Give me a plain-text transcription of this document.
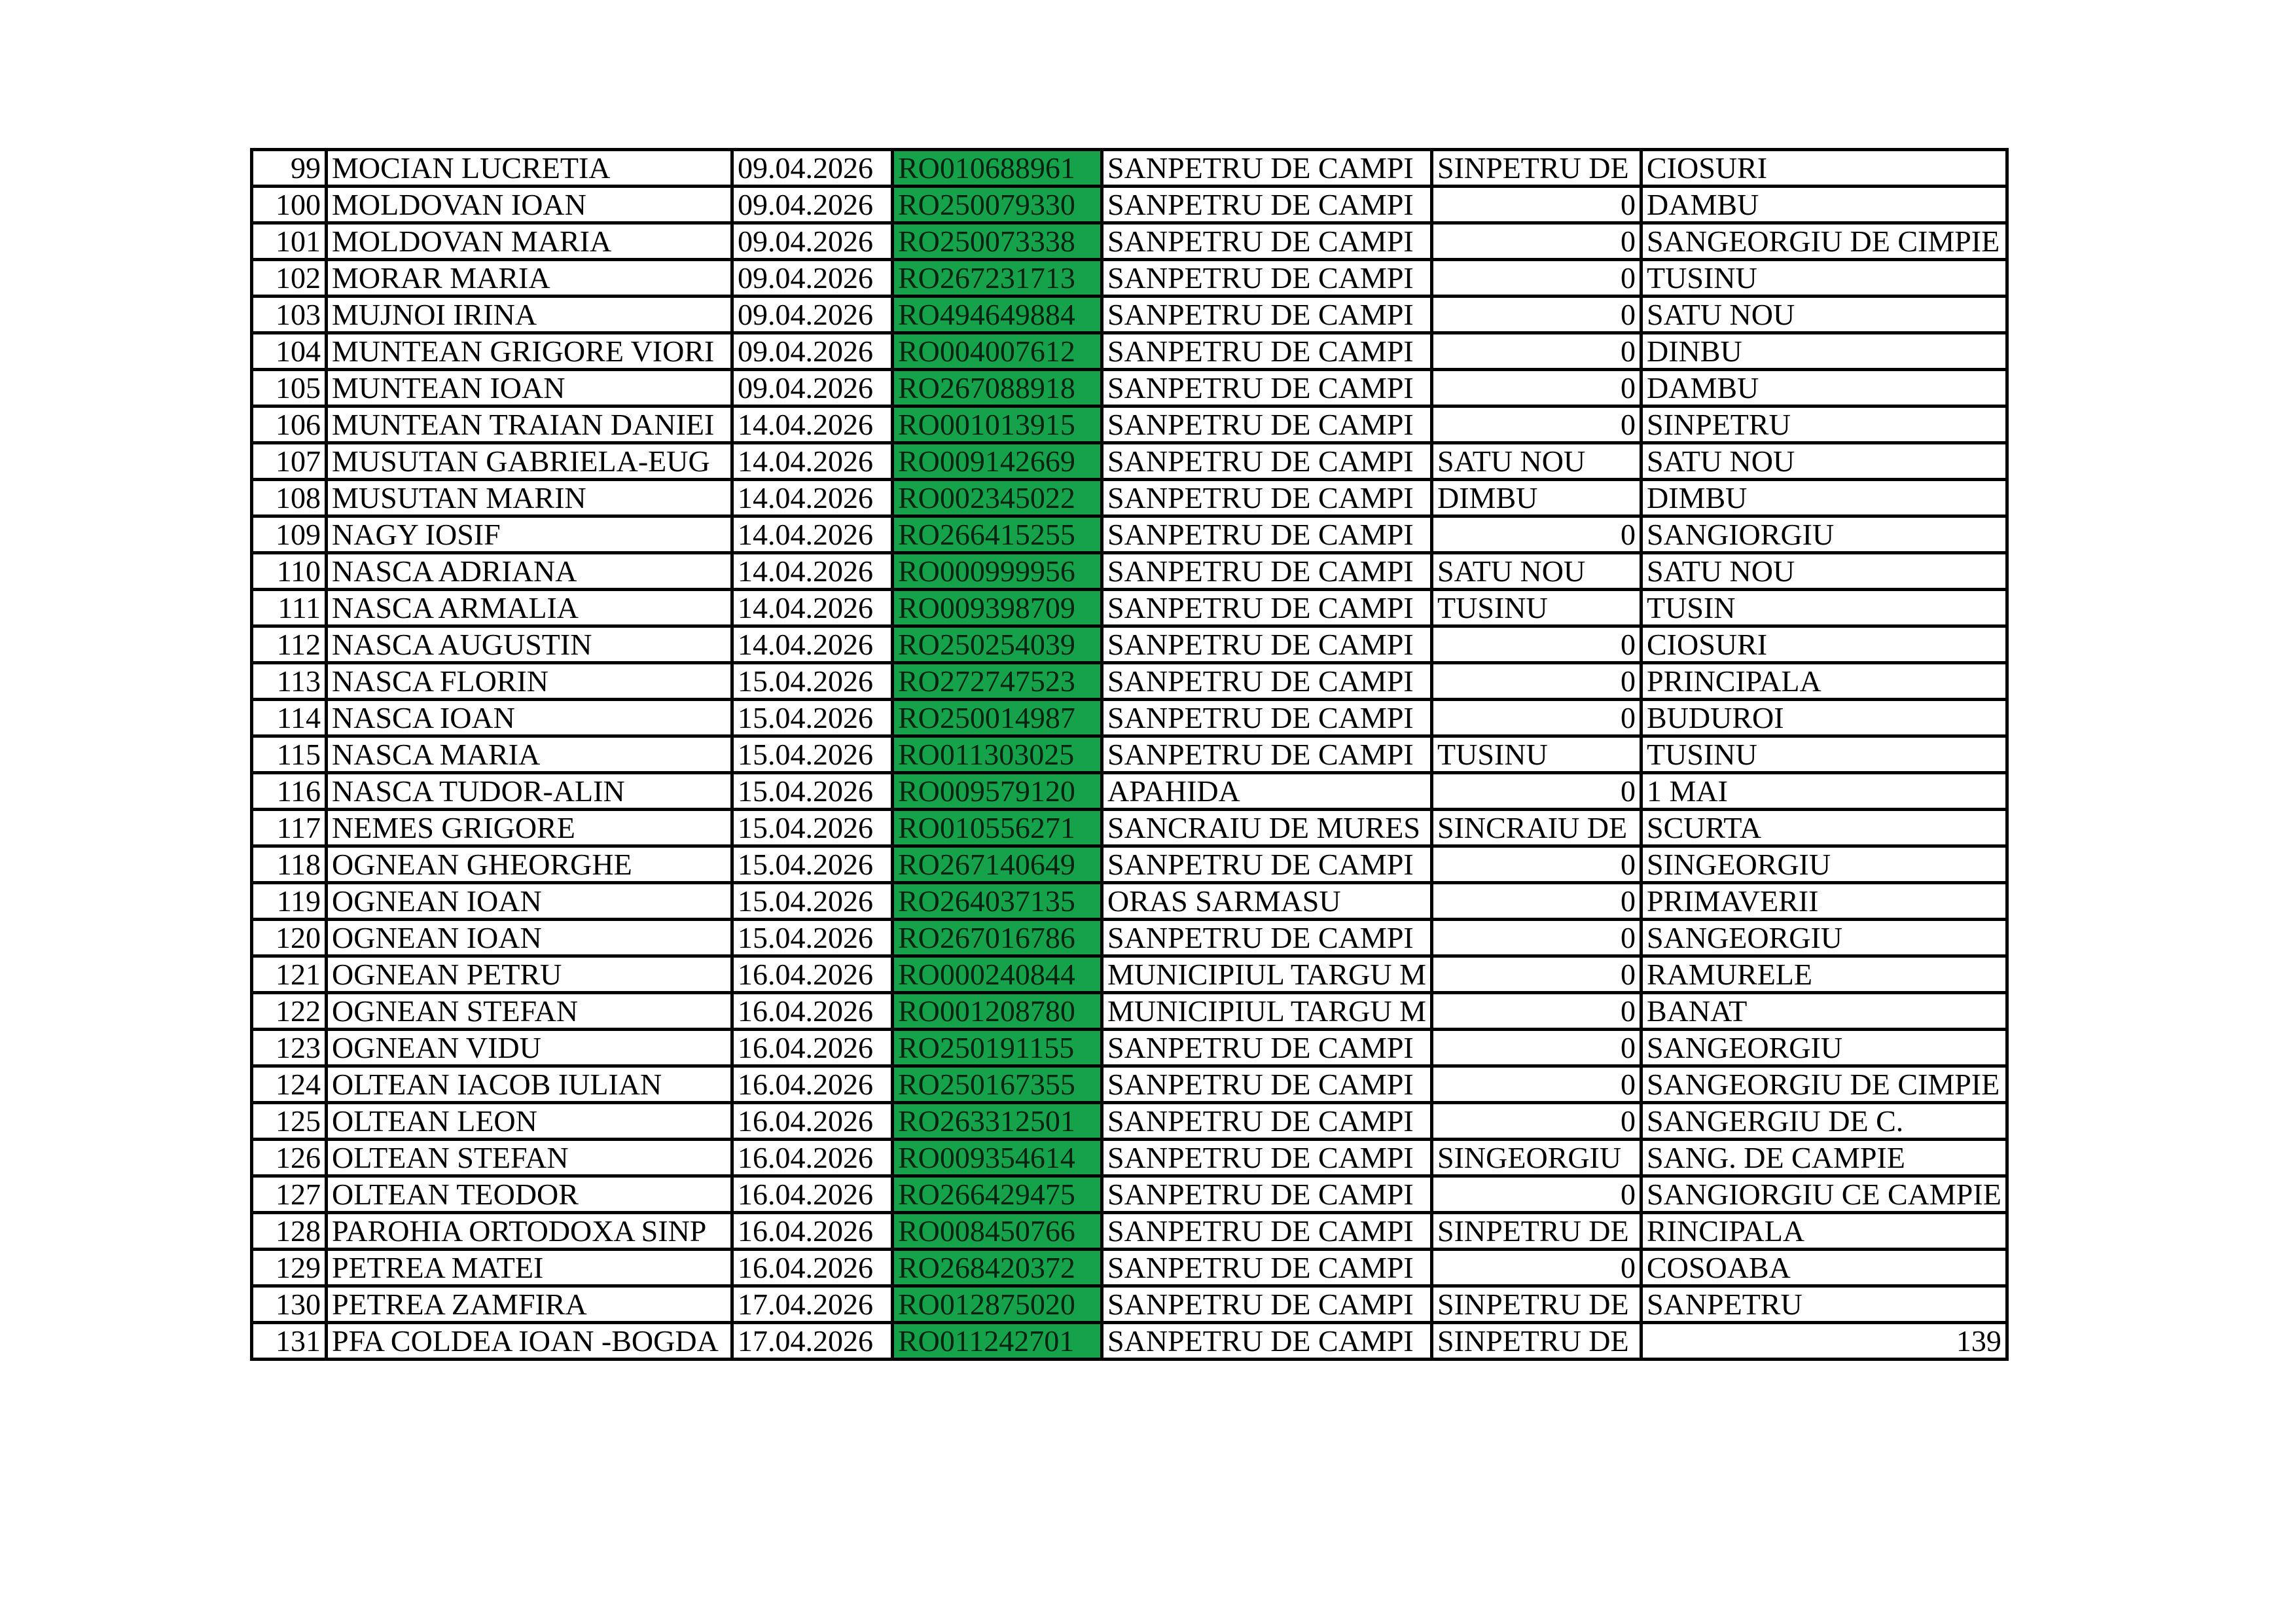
99	MOCIAN LUCRETIA	09.04.2026	RO010688961	SANPETRU DE CAMPI	SINPETRU DE	CIOSURI
100	MOLDOVAN IOAN	09.04.2026	RO250079330	SANPETRU DE CAMPI	0	DAMBU
101	MOLDOVAN MARIA	09.04.2026	RO250073338	SANPETRU DE CAMPI	0	SANGEORGIU DE CIMPIE
102	MORAR MARIA	09.04.2026	RO267231713	SANPETRU DE CAMPI	0	TUSINU
103	MUJNOI IRINA	09.04.2026	RO494649884	SANPETRU DE CAMPI	0	SATU NOU
104	MUNTEAN GRIGORE VIORI	09.04.2026	RO004007612	SANPETRU DE CAMPI	0	DINBU
105	MUNTEAN IOAN	09.04.2026	RO267088918	SANPETRU DE CAMPI	0	DAMBU
106	MUNTEAN TRAIAN DANIEI	14.04.2026	RO001013915	SANPETRU DE CAMPI	0	SINPETRU
107	MUSUTAN GABRIELA-EUG	14.04.2026	RO009142669	SANPETRU DE CAMPI	SATU NOU	SATU NOU
108	MUSUTAN MARIN	14.04.2026	RO002345022	SANPETRU DE CAMPI	DIMBU	DIMBU
109	NAGY IOSIF	14.04.2026	RO266415255	SANPETRU DE CAMPI	0	SANGIORGIU
110	NASCA ADRIANA	14.04.2026	RO000999956	SANPETRU DE CAMPI	SATU NOU	SATU NOU
111	NASCA ARMALIA	14.04.2026	RO009398709	SANPETRU DE CAMPI	TUSINU	TUSIN
112	NASCA AUGUSTIN	14.04.2026	RO250254039	SANPETRU DE CAMPI	0	CIOSURI
113	NASCA FLORIN	15.04.2026	RO272747523	SANPETRU DE CAMPI	0	PRINCIPALA
114	NASCA IOAN	15.04.2026	RO250014987	SANPETRU DE CAMPI	0	BUDUROI
115	NASCA MARIA	15.04.2026	RO011303025	SANPETRU DE CAMPI	TUSINU	TUSINU
116	NASCA TUDOR-ALIN	15.04.2026	RO009579120	APAHIDA	0	1 MAI
117	NEMES GRIGORE	15.04.2026	RO010556271	SANCRAIU DE MURES	SINCRAIU DE	SCURTA
118	OGNEAN GHEORGHE	15.04.2026	RO267140649	SANPETRU DE CAMPI	0	SINGEORGIU
119	OGNEAN IOAN	15.04.2026	RO264037135	ORAS SARMASU	0	PRIMAVERII
120	OGNEAN IOAN	15.04.2026	RO267016786	SANPETRU DE CAMPI	0	SANGEORGIU
121	OGNEAN PETRU	16.04.2026	RO000240844	MUNICIPIUL TARGU M	0	RAMURELE
122	OGNEAN STEFAN	16.04.2026	RO001208780	MUNICIPIUL TARGU M	0	BANAT
123	OGNEAN VIDU	16.04.2026	RO250191155	SANPETRU DE CAMPI	0	SANGEORGIU
124	OLTEAN IACOB IULIAN	16.04.2026	RO250167355	SANPETRU DE CAMPI	0	SANGEORGIU DE CIMPIE
125	OLTEAN LEON	16.04.2026	RO263312501	SANPETRU DE CAMPI	0	SANGERGIU DE C.
126	OLTEAN STEFAN	16.04.2026	RO009354614	SANPETRU DE CAMPI	SINGEORGIU	SANG. DE CAMPIE
127	OLTEAN TEODOR	16.04.2026	RO266429475	SANPETRU DE CAMPI	0	SANGIORGIU CE CAMPIE
128	PAROHIA ORTODOXA SINP	16.04.2026	RO008450766	SANPETRU DE CAMPI	SINPETRU DE	RINCIPALA
129	PETREA MATEI	16.04.2026	RO268420372	SANPETRU DE CAMPI	0	COSOABA
130	PETREA ZAMFIRA	17.04.2026	RO012875020	SANPETRU DE CAMPI	SINPETRU DE	SANPETRU
131	PFA COLDEA IOAN -BOGDA	17.04.2026	RO011242701	SANPETRU DE CAMPI	SINPETRU DE	139
